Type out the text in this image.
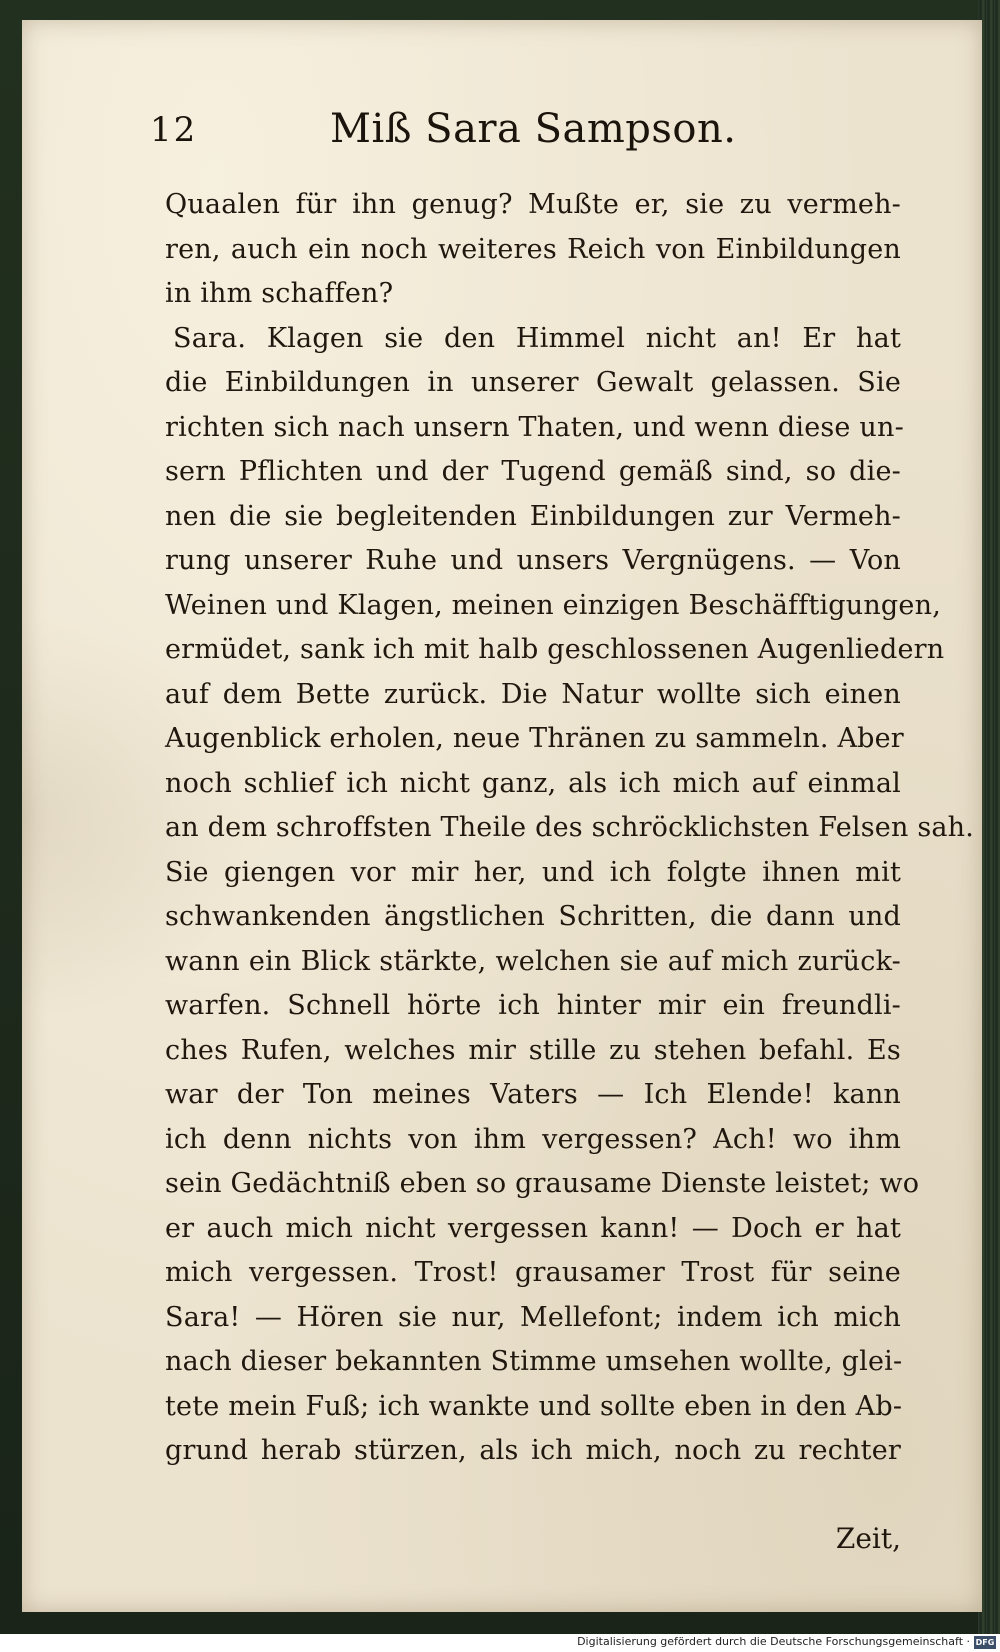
12	Miß Sara Sampson.
Quaalen für ihn genug? Mußte er, sie zu vermeh-
ren, auch ein noch weiteres Reich von Einbildungen
in ihm schaffen?
Sara. Klagen sie den Himmel nicht an! Er hat
die Einbildungen in unserer Gewalt gelassen. Sie
richten sich nach unsern Thaten, und wenn diese un-
sern Pflichten und der Tugend gemäß sind, so die-
nen die sie begleitenden Einbildungen zur Vermeh-
rung unserer Ruhe und unsers Vergnügens. — Von
Weinen und Klagen, meinen einzigen Beschäfftigungen,
ermüdet, sank ich mit halb geschlossenen Augenliedern
auf dem Bette zurück. Die Natur wollte sich einen
Augenblick erholen, neue Thränen zu sammeln. Aber
noch schlief ich nicht ganz, als ich mich auf einmal
an dem schroffsten Theile des schröcklichsten Felsen sah.
Sie giengen vor mir her, und ich folgte ihnen mit
schwankenden ängstlichen Schritten, die dann und
wann ein Blick stärkte, welchen sie auf mich zurück-
warfen. Schnell hörte ich hinter mir ein freundli-
ches Rufen, welches mir stille zu stehen befahl. Es
war der Ton meines Vaters — Ich Elende! kann
ich denn nichts von ihm vergessen? Ach! wo ihm
sein Gedächtniß eben so grausame Dienste leistet; wo
er auch mich nicht vergessen kann! — Doch er hat
mich vergessen. Trost! grausamer Trost für seine
Sara! — Hören sie nur, Mellefont; indem ich mich
nach dieser bekannten Stimme umsehen wollte, glei-
tete mein Fuß; ich wankte und sollte eben in den Ab-
grund herab stürzen, als ich mich, noch zu rechter
Zeit,
Digitalisierung gefördert durch die Deutsche Forschungsgemeinschaft · DFG
